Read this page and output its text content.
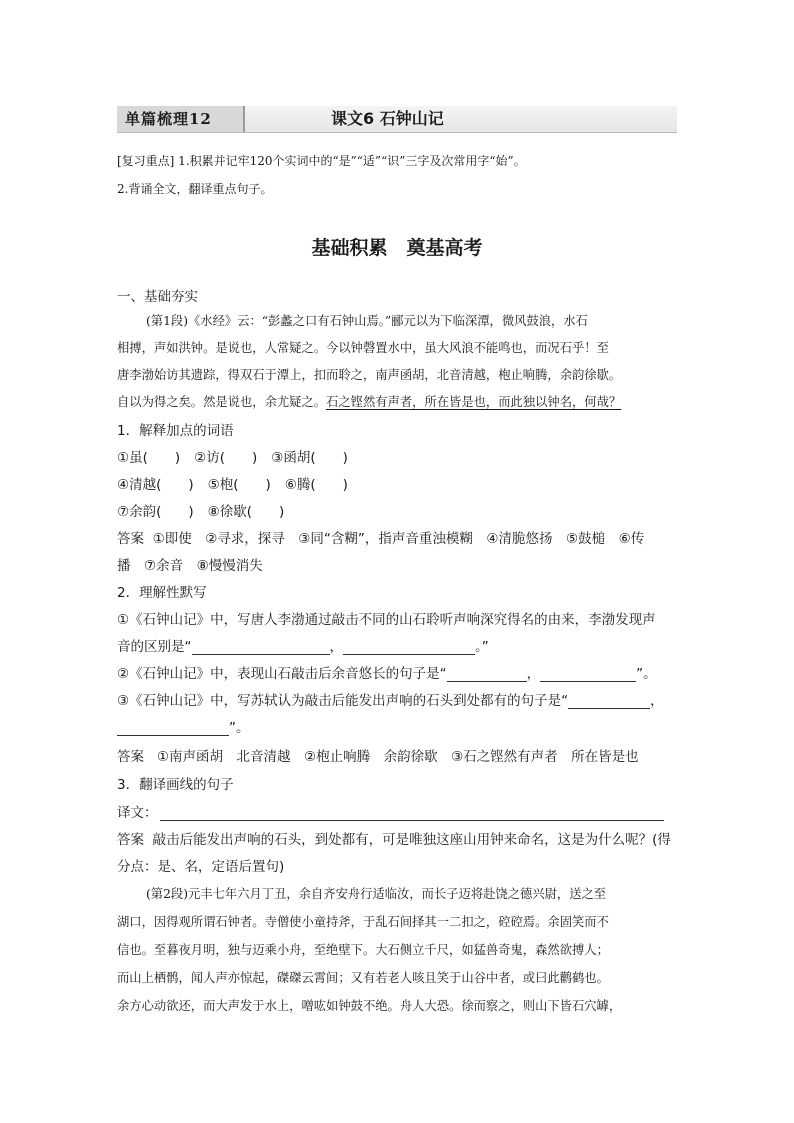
单篇梳理12	课文6 石钟山记
[复习重点] 1.积累并记牢120个实词中的“是”“适”“识”三字及次常用字“始”。
2.背诵全文，翻译重点句子。
基础积累　奠基高考
一、基础夯实
(第1段)《水经》云：“彭蠡之口有石钟山焉。”郦元以为下临深潭，微风鼓浪，水石
相搏，声如洪钟。是说也，人常疑之。今以钟磬置水中，虽大风浪不能鸣也，而况石乎！至
唐李渤始访其遗踪，得双石于潭上，扣而聆之，南声函胡，北音清越，枹止响腾，余韵徐歇。
自以为得之矣。然是说也，余尤疑之。石之铿然有声者，所在皆是也，而此独以钟名，何哉？
1．解释加点的词语
①虽(　　) ②访(　　) ③函胡(　　)
④清越(　　) ⑤枹(　　) ⑥腾(　　)
⑦余韵(　　) ⑧徐歇(　　)
答案 ①即使　②寻求，探寻　③同“含糊”，指声音重浊模糊　④清脆悠扬　⑤鼓槌　⑥传
播　⑦余音　⑧慢慢消失
2．理解性默写
①《石钟山记》中，写唐人李渤通过敲击不同的山石聆听声响深究得名的由来，李渤发现声
音的区别是“	，	。”
②《石钟山记》中，表现山石敲击后余音悠长的句子是“	，	”。
③《石钟山记》中，写苏轼认为敲击后能发出声响的石头到处都有的句子是“	，
”。
答案 ①南声函胡　北音清越　②枹止响腾　余韵徐歇　③石之铿然有声者　所在皆是也
3．翻译画线的句子
译文：
答案 敲击后能发出声响的石头，到处都有，可是唯独这座山用钟来命名，这是为什么呢？(得
分点：是、名，定语后置句)
(第2段)元丰七年六月丁丑，余自齐安舟行适临汝，而长子迈将赴饶之德兴尉，送之至
湖口，因得观所谓石钟者。寺僧使小童持斧，于乱石间择其一二扣之，硿硿焉。余固笑而不
信也。至暮夜月明，独与迈乘小舟，至绝壁下。大石侧立千尺，如猛兽奇鬼，森然欲搏人；
而山上栖鹘，闻人声亦惊起，磔磔云霄间；又有若老人咳且笑于山谷中者，或曰此鹳鹤也。
余方心动欲还，而大声发于水上，噌吰如钟鼓不绝。舟人大恐。徐而察之，则山下皆石穴罅，
